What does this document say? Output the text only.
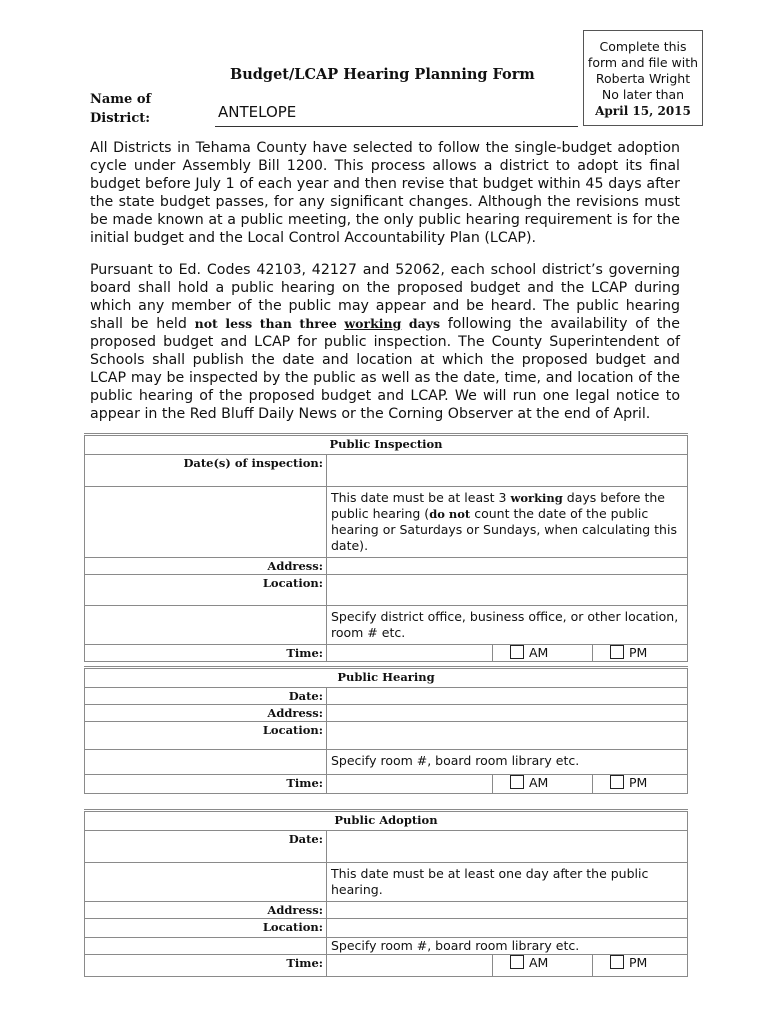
Complete this
form and file with
Roberta Wright
No later than
April 15, 2015
Budget/LCAP Hearing Planning Form
Name of
District:	ANTELOPE
All Districts in Tehama County have selected to follow the single-budget adoption cycle under Assembly Bill 1200. This process allows a district to adopt its final budget before July 1 of each year and then revise that budget within 45 days after the state budget passes, for any significant changes. Although the revisions must be made known at a public meeting, the only public hearing requirement is for the initial budget and the Local Control Accountability Plan (LCAP).
Pursuant to Ed. Codes 42103, 42127 and 52062, each school district’s governing board shall hold a public hearing on the proposed budget and the LCAP during which any member of the public may appear and be heard. The public hearing shall be held not less than three working days following the availability of the proposed budget and LCAP for public inspection. The County Superintendent of Schools shall publish the date and location at which the proposed budget and LCAP may be inspected by the public as well as the date, time, and location of the public hearing of the proposed budget and LCAP. We will run one legal notice to appear in the Red Bluff Daily News or the Corning Observer at the end of April.
Public Inspection			
Date(s) of inspection:			
	This date must be at least 3 working days before the public hearing (do not count the date of the public hearing or Saturdays or Sundays, when calculating this date).		
Address:			
Location:			
	Specify district office, business office, or other location, room # etc.		
Time:		AM	PM
Public Hearing			
Date:			
Address:			
Location:			
	Specify room #, board room library etc.		
Time:		AM	PM
Public Adoption			
Date:			
	This date must be at least one day after the public hearing.		
Address:			
Location:			
	Specify room #, board room library etc.		
Time:		AM	PM
